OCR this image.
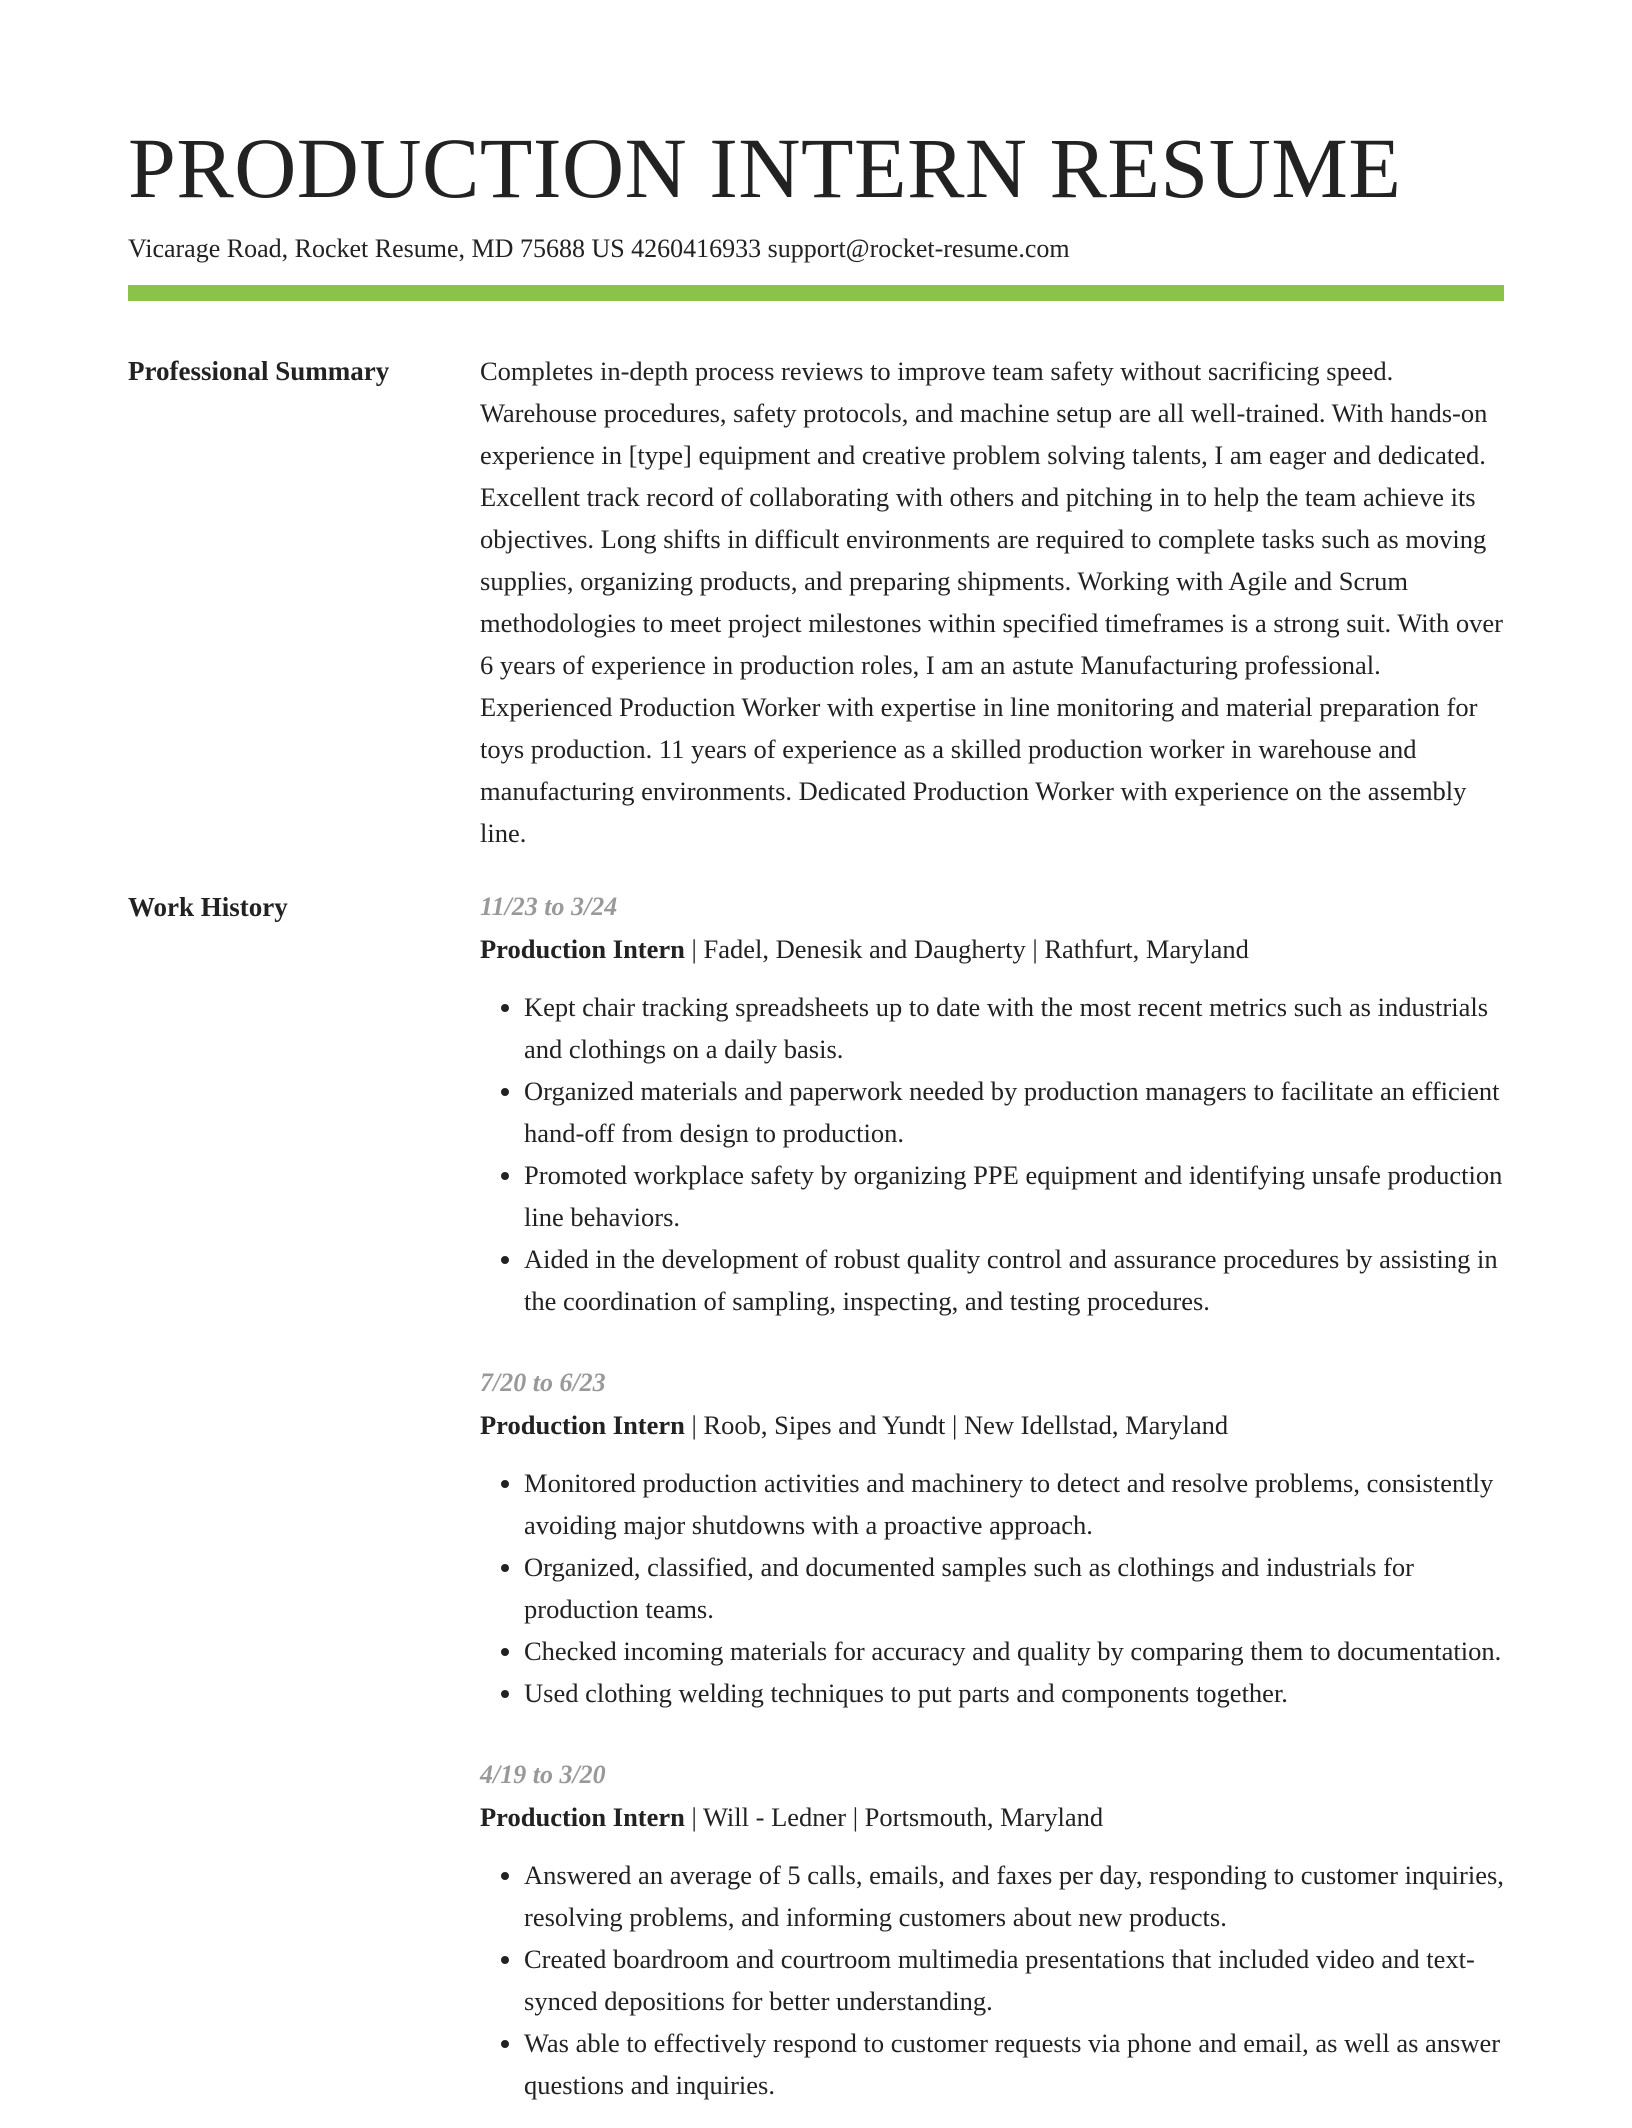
PRODUCTION INTERN RESUME
Vicarage Road, Rocket Resume, MD 75688 US 4260416933 support@rocket-resume.com
Professional Summary	Completes in-depth process reviews to improve team safety without sacrificing speed. Warehouse procedures, safety protocols, and machine setup are all well-trained. With hands-on experience in [type] equipment and creative problem solving talents, I am eager and dedicated. Excellent track record of collaborating with others and pitching in to help the team achieve its objectives. Long shifts in difficult environments are required to complete tasks such as moving supplies, organizing products, and preparing shipments. Working with Agile and Scrum methodologies to meet project milestones within specified timeframes is a strong suit. With over 6 years of experience in production roles, I am an astute Manufacturing professional. Experienced Production Worker with expertise in line monitoring and material preparation for toys production. 11 years of experience as a skilled production worker in warehouse and manufacturing environments. Dedicated Production Worker with experience on the assembly line.

Work History	11/23 to 3/24
Production Intern | Fadel, Denesik and Daugherty | Rathfurt, Maryland
• Kept chair tracking spreadsheets up to date with the most recent metrics such as industrials and clothings on a daily basis.
• Organized materials and paperwork needed by production managers to facilitate an efficient hand-off from design to production.
• Promoted workplace safety by organizing PPE equipment and identifying unsafe production line behaviors.
• Aided in the development of robust quality control and assurance procedures by assisting in the coordination of sampling, inspecting, and testing procedures.
7/20 to 6/23
Production Intern | Roob, Sipes and Yundt | New Idellstad, Maryland
• Monitored production activities and machinery to detect and resolve problems, consistently avoiding major shutdowns with a proactive approach.
• Organized, classified, and documented samples such as clothings and industrials for production teams.
• Checked incoming materials for accuracy and quality by comparing them to documentation.
• Used clothing welding techniques to put parts and components together.
4/19 to 3/20
Production Intern | Will - Ledner | Portsmouth, Maryland
• Answered an average of 5 calls, emails, and faxes per day, responding to customer inquiries, resolving problems, and informing customers about new products.
• Created boardroom and courtroom multimedia presentations that included video and text-synced depositions for better understanding.
• Was able to effectively respond to customer requests via phone and email, as well as answer questions and inquiries.
